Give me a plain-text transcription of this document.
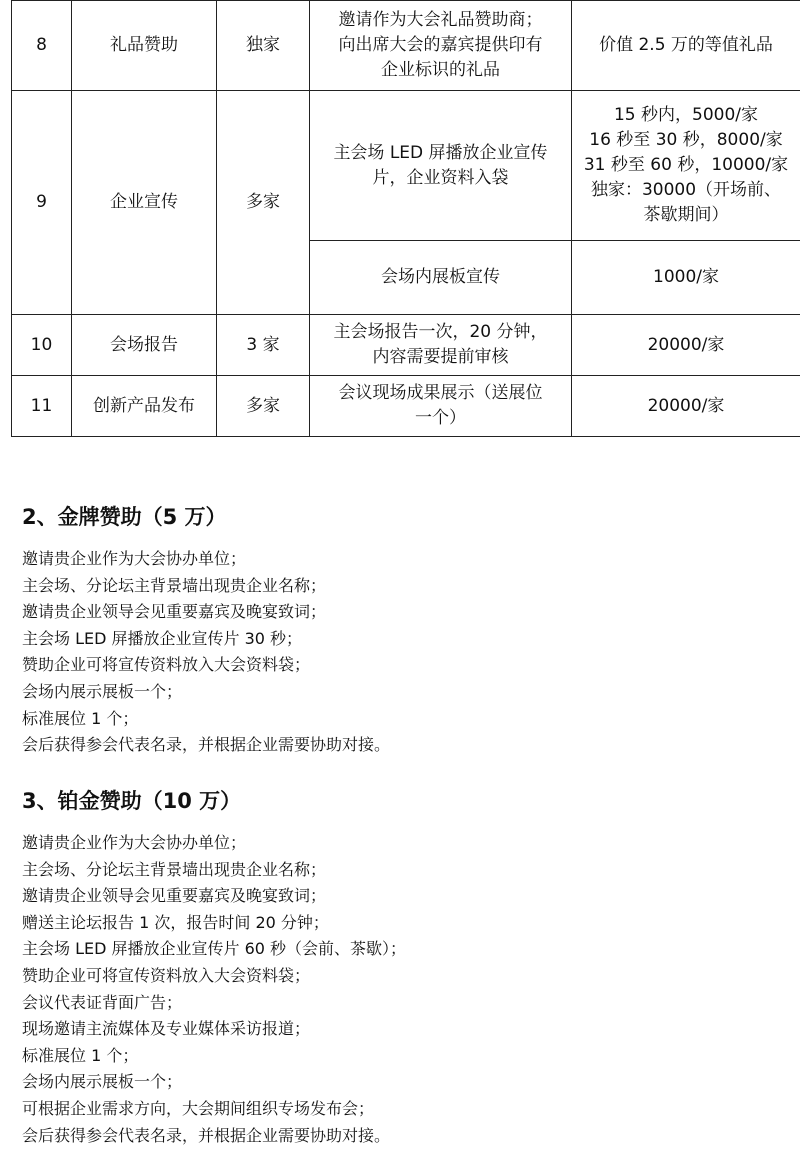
8	礼品赞助	独家	邀请作为大会礼品赞助商；
向出席大会的嘉宾提供印有
企业标识的礼品	价值 2.5 万的等值礼品
9	企业宣传	多家	主会场 LED 屏播放企业宣传
片，企业资料入袋	15 秒内，5000/家
16 秒至 30 秒，8000/家
31 秒至 60 秒，10000/家
独家：30000（开场前、
茶歇期间）
			会场内展板宣传	1000/家
10	会场报告	3 家	主会场报告一次，20 分钟，
内容需要提前审核	20000/家
11	创新产品发布	多家	会议现场成果展示（送展位
一个）	20000/家
2、金牌赞助（5 万）
邀请贵企业作为大会协办单位；
主会场、分论坛主背景墙出现贵企业名称；
邀请贵企业领导会见重要嘉宾及晚宴致词；
主会场 LED 屏播放企业宣传片 30 秒；
赞助企业可将宣传资料放入大会资料袋；
会场内展示展板一个；
标准展位 1 个；
会后获得参会代表名录，并根据企业需要协助对接。
3、铂金赞助（10 万）
邀请贵企业作为大会协办单位；
主会场、分论坛主背景墙出现贵企业名称；
邀请贵企业领导会见重要嘉宾及晚宴致词；
赠送主论坛报告 1 次，报告时间 20 分钟；
主会场 LED 屏播放企业宣传片 60 秒（会前、茶歇）；
赞助企业可将宣传资料放入大会资料袋；
会议代表证背面广告；
现场邀请主流媒体及专业媒体采访报道；
标准展位 1 个；
会场内展示展板一个；
可根据企业需求方向，大会期间组织专场发布会；
会后获得参会代表名录，并根据企业需要协助对接。
